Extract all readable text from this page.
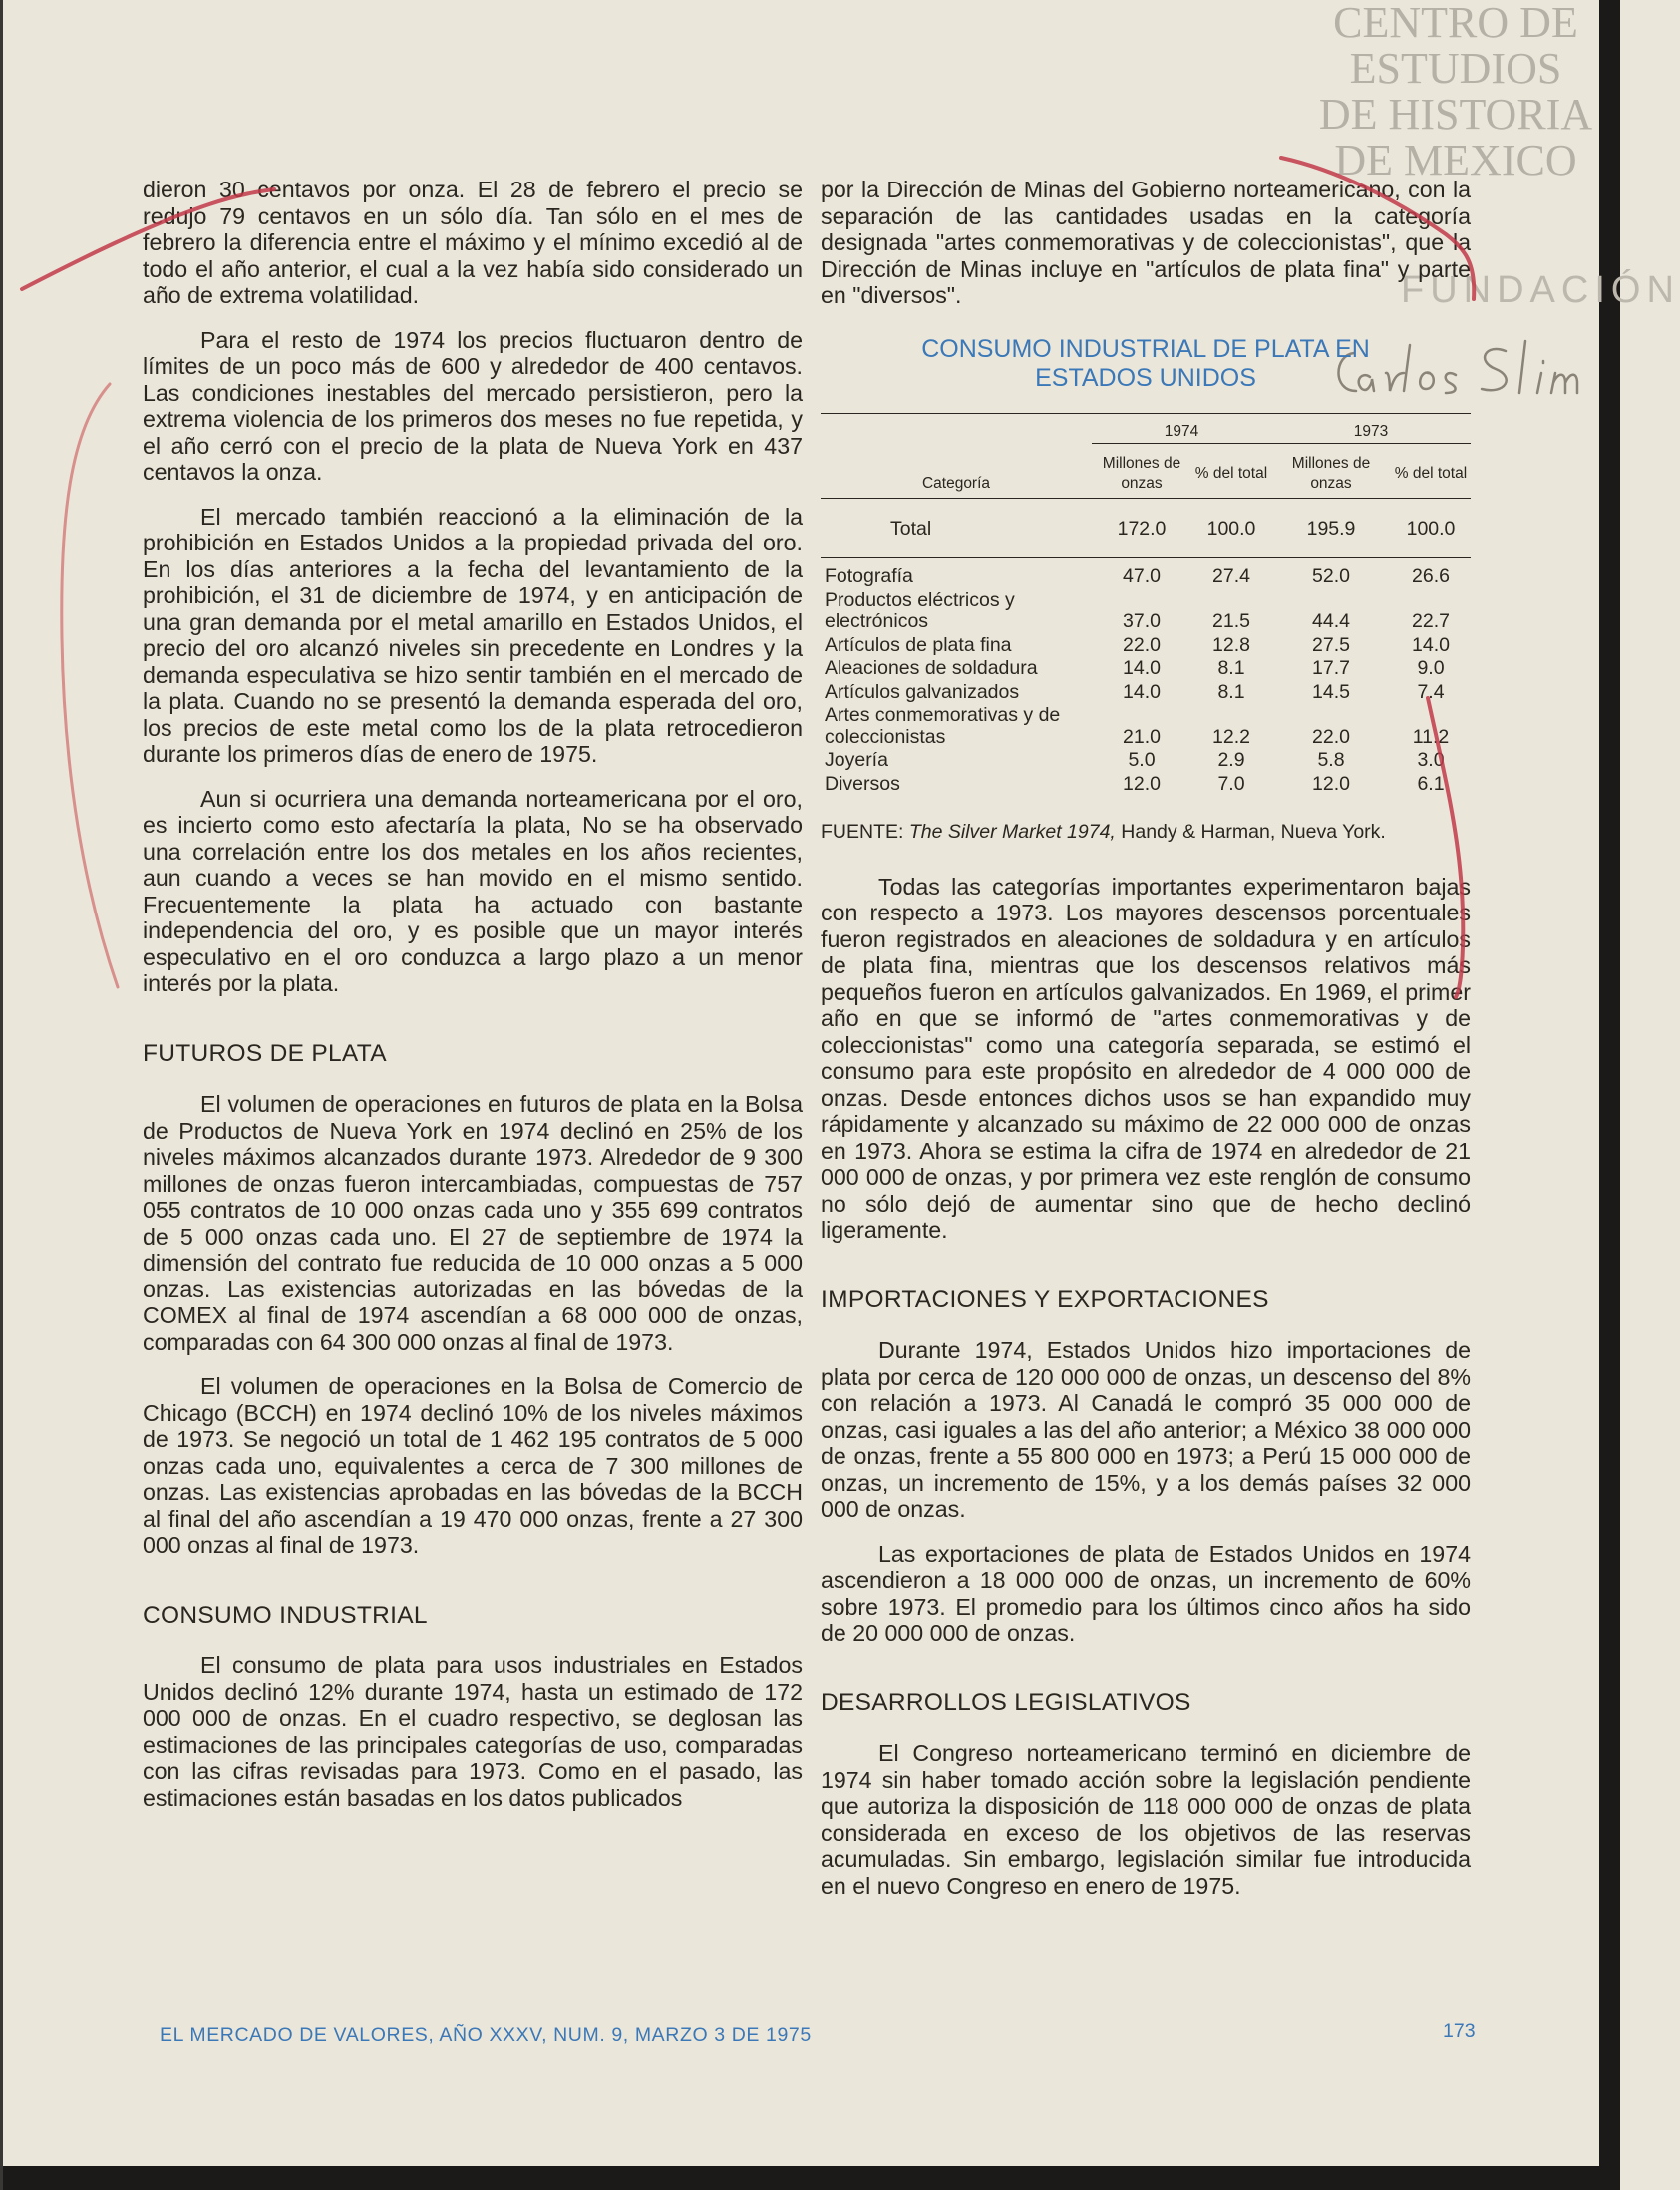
CENTRO DE
ESTUDIOS
DE HISTORIA
DE MEXICO
FUNDACIÓN

dieron 30 centavos por onza. El 28 de febrero el precio se redujo 79 centavos en un sólo día. Tan sólo en el mes de febrero la diferencia entre el máximo y el mínimo excedió al de todo el año anterior, el cual a la vez había sido considerado un año de extrema volatilidad.

Para el resto de 1974 los precios fluctuaron dentro de límites de un poco más de 600 y alrededor de 400 centavos. Las condiciones inestables del mercado persistieron, pero la extrema violencia de los primeros dos meses no fue repetida, y el año cerró con el precio de la plata de Nueva York en 437 centavos la onza.

El mercado también reaccionó a la eliminación de la prohibición en Estados Unidos a la propiedad privada del oro. En los días anteriores a la fecha del levantamiento de la prohibición, el 31 de diciembre de 1974, y en anticipación de una gran demanda por el metal amarillo en Estados Unidos, el precio del oro alcanzó niveles sin precedente en Londres y la demanda especulativa se hizo sentir también en el mercado de la plata. Cuando no se presentó la demanda esperada del oro, los precios de este metal como los de la plata retrocedieron durante los primeros días de enero de 1975.

Aun si ocurriera una demanda norteamericana por el oro, es incierto como esto afectaría la plata, No se ha observado una correlación entre los dos metales en los años recientes, aun cuando a veces se han movido en el mismo sentido. Frecuentemente la plata ha actuado con bastante independencia del oro, y es posible que un mayor interés especulativo en el oro conduzca a largo plazo a un menor interés por la plata.

FUTUROS DE PLATA

El volumen de operaciones en futuros de plata en la Bolsa de Productos de Nueva York en 1974 declinó en 25% de los niveles máximos alcanzados durante 1973. Alrededor de 9 300 millones de onzas fueron intercambiadas, compuestas de 757 055 contratos de 10 000 onzas cada uno y 355 699 contratos de 5 000 onzas cada uno. El 27 de septiembre de 1974 la dimensión del contrato fue reducida de 10 000 onzas a 5 000 onzas. Las existencias autorizadas en las bóvedas de la COMEX al final de 1974 ascendían a 68 000 000 de onzas, comparadas con 64 300 000 onzas al final de 1973.

El volumen de operaciones en la Bolsa de Comercio de Chicago (BCCH) en 1974 declinó 10% de los niveles máximos de 1973. Se negoció un total de 1 462 195 contratos de 5 000 onzas cada uno, equivalentes a cerca de 7 300 millones de onzas. Las existencias aprobadas en las bóvedas de la BCCH al final del año ascendían a 19 470 000 onzas, frente a 27 300 000 onzas al final de 1973.

CONSUMO INDUSTRIAL

El consumo de plata para usos industriales en Estados Unidos declinó 12% durante 1974, hasta un estimado de 172 000 000 de onzas. En el cuadro respectivo, se deglosan las estimaciones de las principales categorías de uso, comparadas con las cifras revisadas para 1973. Como en el pasado, las estimaciones están basadas en los datos publicados

por la Dirección de Minas del Gobierno norteamericano, con la separación de las cantidades usadas en la categoría designada "artes conmemorativas y de coleccionistas", que la Dirección de Minas incluye en "artículos de plata fina" y parte en "diversos".

CONSUMO INDUSTRIAL DE PLATA EN
ESTADOS UNIDOS
	1974		1973	
Categoría	Millones de onzas	% del total	Millones de onzas	% del total
Total	172.0	100.0	195.9	100.0
Fotografía	47.0	27.4	52.0	26.6
Productos eléctricos y electrónicos	37.0	21.5	44.4	22.7
Artículos de plata fina	22.0	12.8	27.5	14.0
Aleaciones de soldadura	14.0	8.1	17.7	9.0
Artículos galvanizados	14.0	8.1	14.5	7.4
Artes conmemorativas y de coleccionistas	21.0	12.2	22.0	11.2
Joyería	5.0	2.9	5.8	3.0
Diversos	12.0	7.0	12.0	6.1
FUENTE: The Silver Market 1974, Handy & Harman, Nueva York.

Todas las categorías importantes experimentaron bajas con respecto a 1973. Los mayores descensos porcentuales fueron registrados en aleaciones de soldadura y en artículos de plata fina, mientras que los descensos relativos más pequeños fueron en artículos galvanizados. En 1969, el primer año en que se informó de "artes conmemorativas y de coleccionistas" como una categoría separada, se estimó el consumo para este propósito en alrededor de 4 000 000 de onzas. Desde entonces dichos usos se han expandido muy rápidamente y alcanzado su máximo de 22 000 000 de onzas en 1973. Ahora se estima la cifra de 1974 en alrededor de 21 000 000 de onzas, y por primera vez este renglón de consumo no sólo dejó de aumentar sino que de hecho declinó ligeramente.

IMPORTACIONES Y EXPORTACIONES

Durante 1974, Estados Unidos hizo importaciones de plata por cerca de 120 000 000 de onzas, un descenso del 8% con relación a 1973. Al Canadá le compró 35 000 000 de onzas, casi iguales a las del año anterior; a México 38 000 000 de onzas, frente a 55 800 000 en 1973; a Perú 15 000 000 de onzas, un incremento de 15%, y a los demás países 32 000 000 de onzas.

Las exportaciones de plata de Estados Unidos en 1974 ascendieron a 18 000 000 de onzas, un incremento de 60% sobre 1973. El promedio para los últimos cinco años ha sido de 20 000 000 de onzas.

DESARROLLOS LEGISLATIVOS

El Congreso norteamericano terminó en diciembre de 1974 sin haber tomado acción sobre la legislación pendiente que autoriza la disposición de 118 000 000 de onzas de plata considerada en exceso de los objetivos de las reservas acumuladas. Sin embargo, legislación similar fue introducida en el nuevo Congreso en enero de 1975.

EL MERCADO DE VALORES, AÑO XXXV, NUM. 9, MARZO 3 DE 1975	173
